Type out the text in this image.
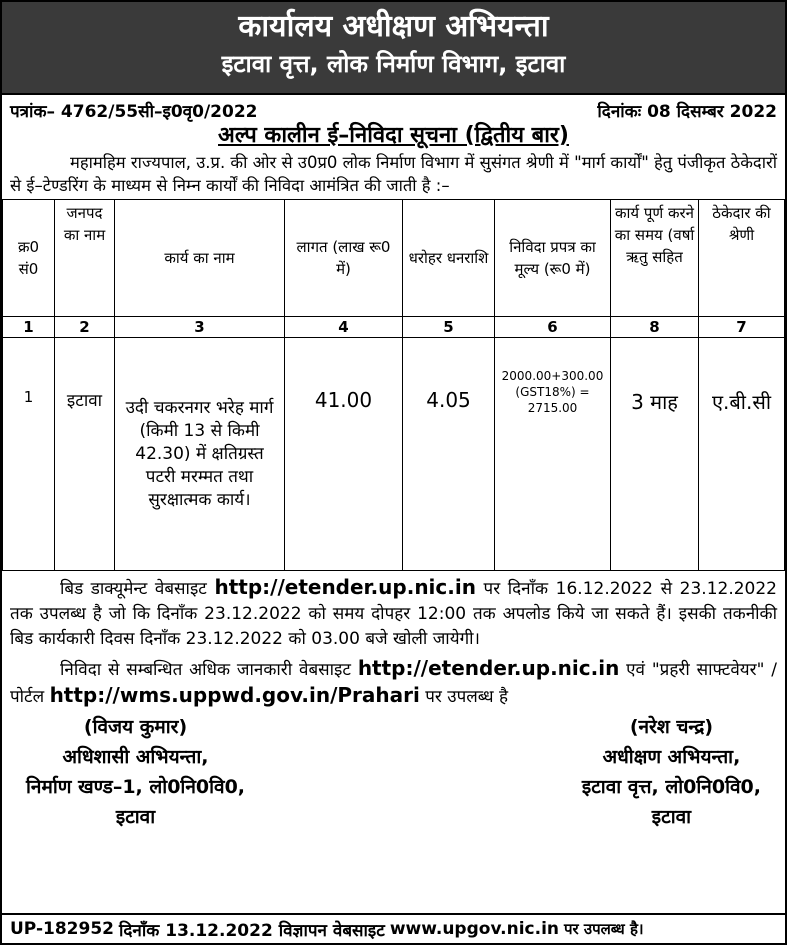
कार्यालय अधीक्षण अभियन्ता
इटावा वृत्त, लोक निर्माण विभाग, इटावा
पत्रांक– 4762/55सी–इ0वृ0/2022	दिनांकः 08 दिसम्बर 2022
अल्प कालीन ई–निविदा सूचना (द्वितीय बार)
महामहिम राज्यपाल, उ.प्र. की ओर से उ0प्र0 लोक निर्माण विभाग में सुसंगत श्रेणी में "मार्ग कार्यों" हेतु पंजीकृत ठेकेदारों से ई–टेण्डरिंग के माध्यम से निम्न कार्यों की निविदा आमंत्रित की जाती है :–
क्र0 सं0	जनपद का नाम	कार्य का नाम	लागत (लाख रू0 में)	धरोहर धनराशि	निविदा प्रपत्र का मूल्य (रू0 में)	कार्य पूर्ण करने का समय (वर्षा ऋतु सहित	ठेकेदार की श्रेणी
1	2	3	4	5	6	8	7
1	इटावा	उदी चकरनगर भरेह मार्ग (किमी 13 से किमी 42.30) में क्षतिग्रस्त पटरी मरम्मत तथा सुरक्षात्मक कार्य।	41.00	4.05	2000.00+300.00 (GST18%) = 2715.00	3 माह	ए.बी.सी
बिड डाक्यूमेन्ट वेबसाइट http://etender.up.nic.in पर दिनाँक 16.12.2022 से 23.12.2022 तक उपलब्ध है जो कि दिनाँक 23.12.2022 को समय दोपहर 12:00 तक अपलोड किये जा सकते हैं। इसकी तकनीकी बिड कार्यकारी दिवस दिनाँक 23.12.2022 को 03.00 बजे खोली जायेगी।
निविदा से सम्बन्धित अधिक जानकारी वेबसाइट http://etender.up.nic.in एवं "प्रहरी साफ्टवेयर" / पोर्टल http://wms.uppwd.gov.in/Prahari पर उपलब्ध है
(विजय कुमार)
अधिशासी अभियन्ता,
निर्माण खण्ड–1, लो0नि0वि0,
इटावा
(नरेश चन्द्र)
अधीक्षण अभियन्ता,
इटावा वृत्त, लो0नि0वि0,
इटावा
UP-182952 दिनाँक 13.12.2022 विज्ञापन वेबसाइट www.upgov.nic.in पर उपलब्ध है।
